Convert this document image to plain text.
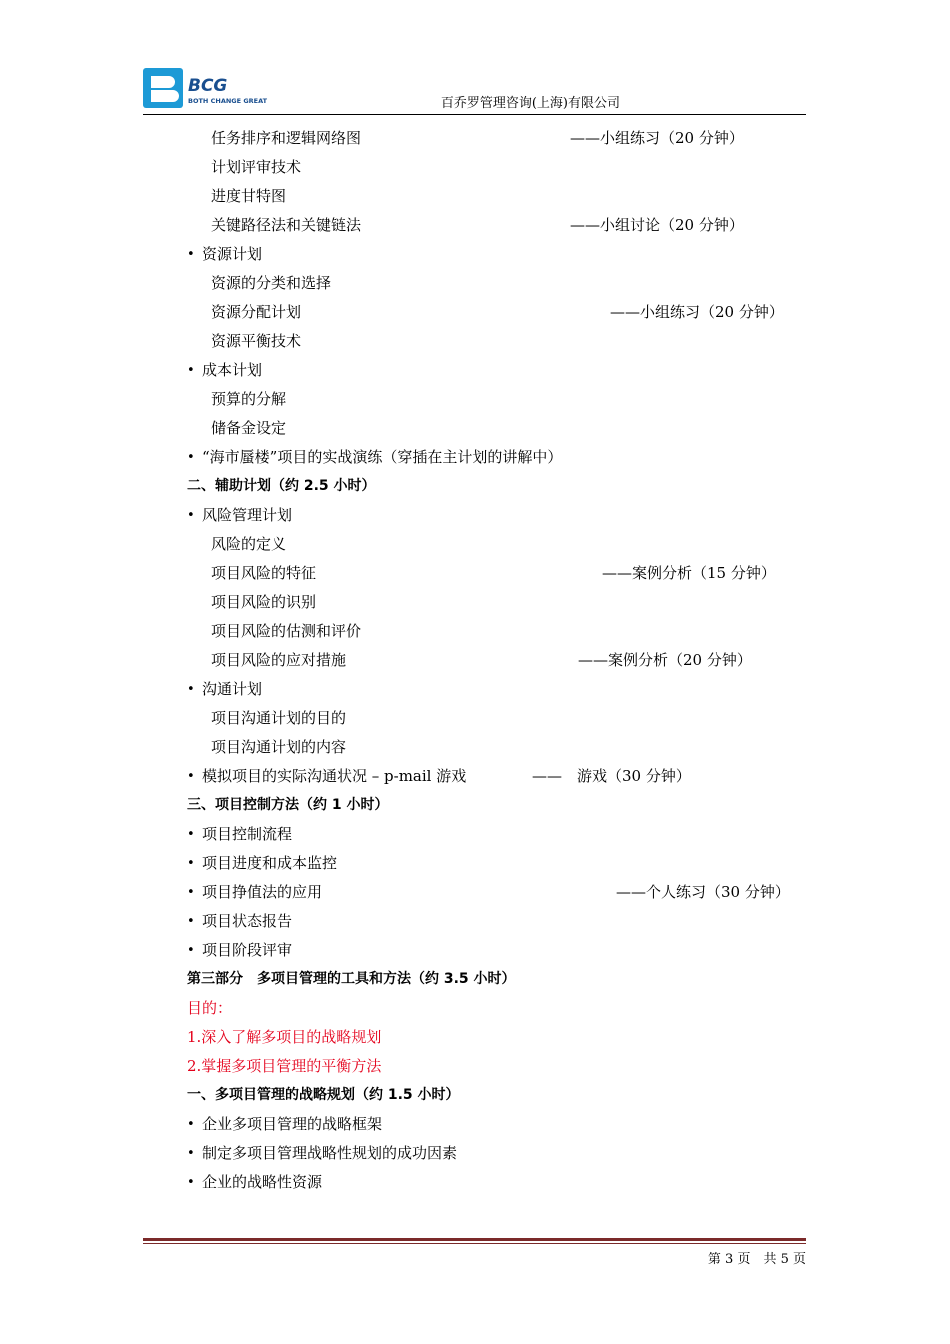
BCG
BOTH CHANGE GREAT	百乔罗管理咨询(上海)有限公司
任务排序和逻辑网络图	——小组练习（20 分钟）
计划评审技术
进度甘特图
关键路径法和关键链法	——小组讨论（20 分钟）
• 资源计划
资源的分类和选择
资源分配计划	——小组练习（20 分钟）
资源平衡技术
• 成本计划
预算的分解
储备金设定
• “海市蜃楼”项目的实战演练（穿插在主计划的讲解中）
二、辅助计划（约 2.5 小时）
• 风险管理计划
风险的定义
项目风险的特征	——案例分析（15 分钟）
项目风险的识别
项目风险的估测和评价
项目风险的应对措施	——案例分析（20 分钟）
• 沟通计划
项目沟通计划的目的
项目沟通计划的内容
• 模拟项目的实际沟通状况 – p-mail 游戏	——　游戏（30 分钟）
三、项目控制方法（约 1 小时）
• 项目控制流程
• 项目进度和成本监控
• 项目挣值法的应用	——个人练习（30 分钟）
• 项目状态报告
• 项目阶段评审
第三部分　多项目管理的工具和方法（约 3.5 小时）
目的：
1.深入了解多项目的战略规划
2.掌握多项目管理的平衡方法
一、多项目管理的战略规划（约 1.5 小时）
• 企业多项目管理的战略框架
• 制定多项目管理战略性规划的成功因素
• 企业的战略性资源
第 3 页　共 5 页
